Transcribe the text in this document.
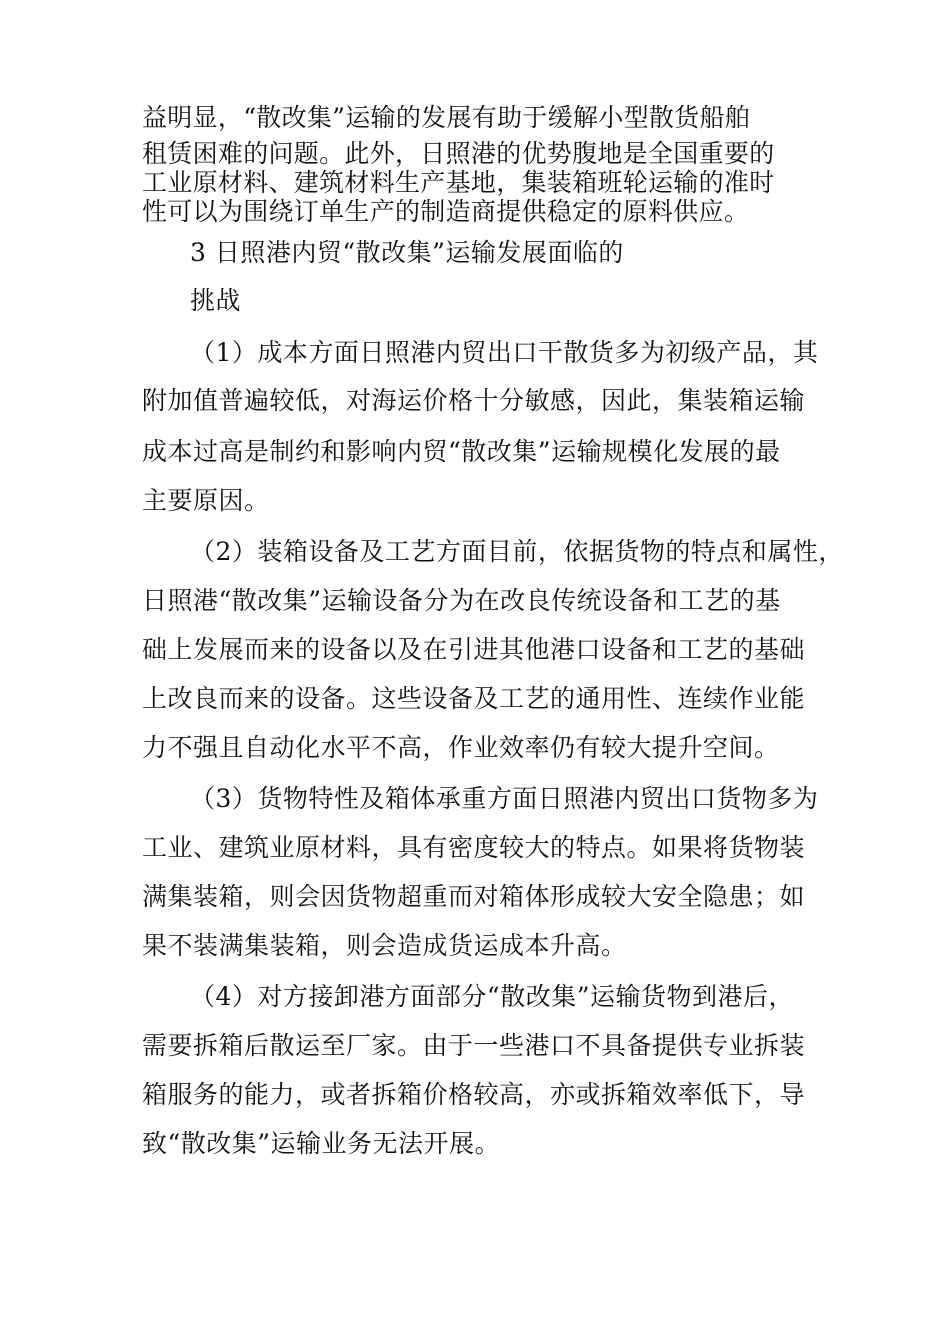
益明显，“散改集”运输的发展有助于缓解小型散货船舶
租赁困难的问题。此外，日照港的优势腹地是全国重要的
工业原材料、建筑材料生产基地，集装箱班轮运输的准时
性可以为围绕订单生产的制造商提供稳定的原料供应。
3 日照港内贸“散改集”运输发展面临的
挑战
（1）成本方面日照港内贸出口干散货多为初级产品，其
附加值普遍较低，对海运价格十分敏感，因此，集装箱运输
成本过高是制约和影响内贸“散改集”运输规模化发展的最
主要原因。
（2）装箱设备及工艺方面目前，依据货物的特点和属性，
日照港“散改集”运输设备分为在改良传统设备和工艺的基
础上发展而来的设备以及在引进其他港口设备和工艺的基础
上改良而来的设备。这些设备及工艺的通用性、连续作业能
力不强且自动化水平不高，作业效率仍有较大提升空间。
（3）货物特性及箱体承重方面日照港内贸出口货物多为
工业、建筑业原材料，具有密度较大的特点。如果将货物装
满集装箱，则会因货物超重而对箱体形成较大安全隐患；如
果不装满集装箱，则会造成货运成本升高。
（4）对方接卸港方面部分“散改集”运输货物到港后，
需要拆箱后散运至厂家。由于一些港口不具备提供专业拆装
箱服务的能力，或者拆箱价格较高，亦或拆箱效率低下，导
致“散改集”运输业务无法开展。
